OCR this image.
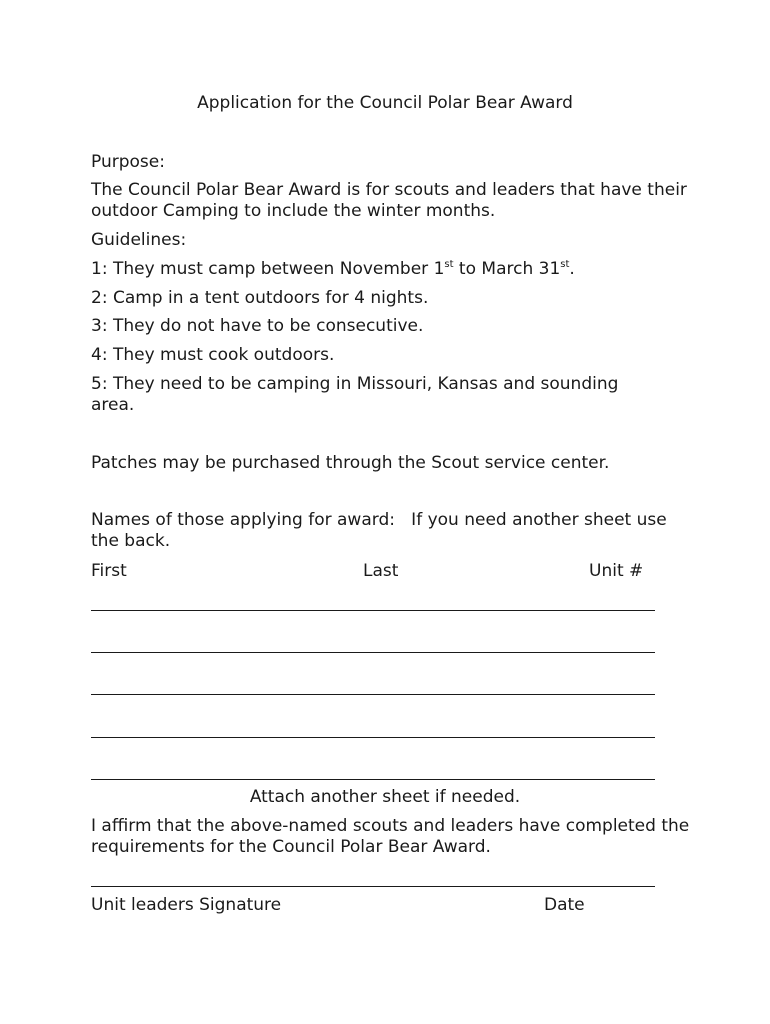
Application for the Council Polar Bear Award
Purpose:
The Council Polar Bear Award is for scouts and leaders that have their outdoor Camping to include the winter months.
Guidelines:
1: They must camp between November 1st to March 31st.
2: Camp in a tent outdoors for 4 nights.
3: They do not have to be consecutive.
4: They must cook outdoors.
5: They need to be camping in Missouri, Kansas and sounding area.
Patches may be purchased through the Scout service center.
Names of those applying for award:   If you need another sheet use the back.
First	Last	Unit #
Attach another sheet if needed.
I affirm that the above-named scouts and leaders have completed the requirements for the Council Polar Bear Award.
Unit leaders Signature	Date
